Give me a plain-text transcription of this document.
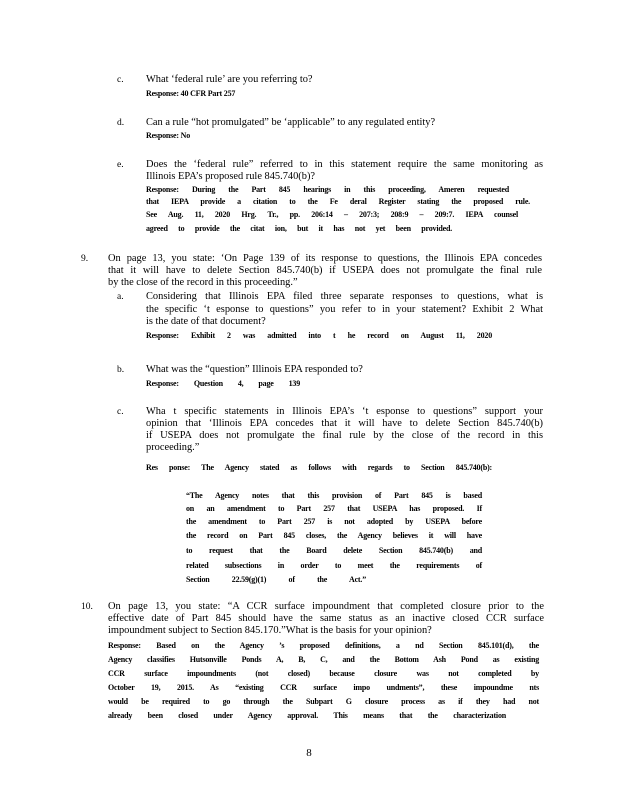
c. What ‘federal rule’ are you referring to?
Response: 40 CFR Part 257
d. Can a rule “hot promulgated” be ‘applicable” to any regulated entity?
Response: No
e. Does the ‘federal rule” referred to in this statement require the same monitoring as
Illinois EPA’s proposed rule 845.740(b)?
Response: During the Part 845 hearings in this proceeding, Ameren requested
that IEPA provide a citation to the Fe deral Register stating the proposed rule.
See Aug. 11, 2020 Hrg. Tr., pp. 206:14 – 207:3; 208:9 – 209:7. IEPA counsel
agreed to provide the citat ion, but it has not yet been provided.
9. On page 13, you state: ‘On Page 139 of its response to questions, the Illinois EPA concedes
that it will have to delete Section 845.740(b) if USEPA does not promulgate the final rule
by the close of the record in this proceeding.”
a. Considering that Illinois EPA filed three separate responses to questions, what is
the specific ‘t esponse to questions” you refer to in your statement? Exhibit 2 What
is the date of that document?
Response: Exhibit 2 was admitted into t he record on August 11, 2020
b. What was the “question” Illinois EPA responded to?
Response: Question 4, page 139
c. Wha t specific statements in Illinois EPA’s ‘t esponse to questions” support your
opinion that ‘Illinois EPA concedes that it will have to delete Section 845.740(b)
if USEPA does not promulgate the final rule by the close of the record in this
proceeding.”
Res ponse: The Agency stated as follows with regards to Section 845.740(b):
“The Agency notes that this provision of Part 845 is based
on an amendment to Part 257 that USEPA has proposed. If
the amendment to Part 257 is not adopted by USEPA before
the record on Part 845 closes, the Agency believes it will have
to request that the Board delete Section 845.740(b) and
related subsections in order to meet the requirements of
Section 22.59(g)(1) of the Act.”
10. On page 13, you state: “A CCR surface impoundment that completed closure prior to the
effective date of Part 845 should have the same status as an inactive closed CCR surface
impoundment subject to Section 845.170.”What is the basis for your opinion?
Response: Based on the Agency ’s proposed definitions, a nd Section 845.101(d), the
Agency classifies Hutsonville Ponds A, B, C, and the Bottom Ash Pond as existing
CCR surface impoundments (not closed) because closure was not completed by
October 19, 2015. As “existing CCR surface impo undments”, these impoundme nts
would be required to go through the Subpart G closure process as if they had not
already been closed under Agency approval. This means that the characterization
8
